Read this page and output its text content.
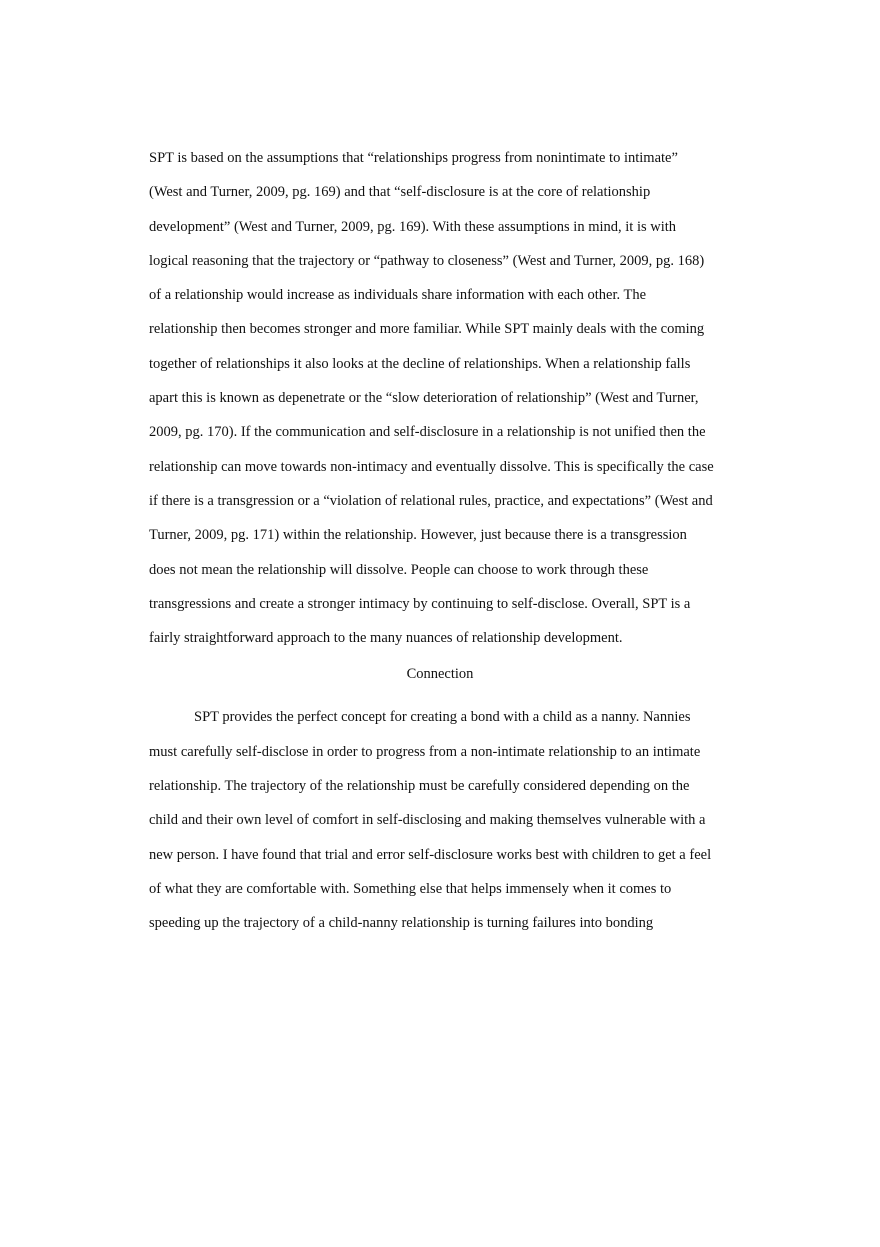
SPT is based on the assumptions that “relationships progress from nonintimate to intimate”
(West and Turner, 2009, pg. 169) and that “self-disclosure is at the core of relationship
development” (West and Turner, 2009, pg. 169). With these assumptions in mind, it is with
logical reasoning that the trajectory or “pathway to closeness” (West and Turner, 2009, pg. 168)
of a relationship would increase as individuals share information with each other. The
relationship then becomes stronger and more familiar. While SPT mainly deals with the coming
together of relationships it also looks at the decline of relationships. When a relationship falls
apart this is known as depenetrate or the “slow deterioration of relationship” (West and Turner,
2009, pg. 170). If the communication and self-disclosure in a relationship is not unified then the
relationship can move towards non-intimacy and eventually dissolve. This is specifically the case
if there is a transgression or a “violation of relational rules, practice, and expectations” (West and
Turner, 2009, pg. 171) within the relationship. However, just because there is a transgression
does not mean the relationship will dissolve. People can choose to work through these
transgressions and create a stronger intimacy by continuing to self-disclose. Overall, SPT is a
fairly straightforward approach to the many nuances of relationship development.
Connection
SPT provides the perfect concept for creating a bond with a child as a nanny. Nannies
must carefully self-disclose in order to progress from a non-intimate relationship to an intimate
relationship. The trajectory of the relationship must be carefully considered depending on the
child and their own level of comfort in self-disclosing and making themselves vulnerable with a
new person. I have found that trial and error self-disclosure works best with children to get a feel
of what they are comfortable with. Something else that helps immensely when it comes to
speeding up the trajectory of a child-nanny relationship is turning failures into bonding
